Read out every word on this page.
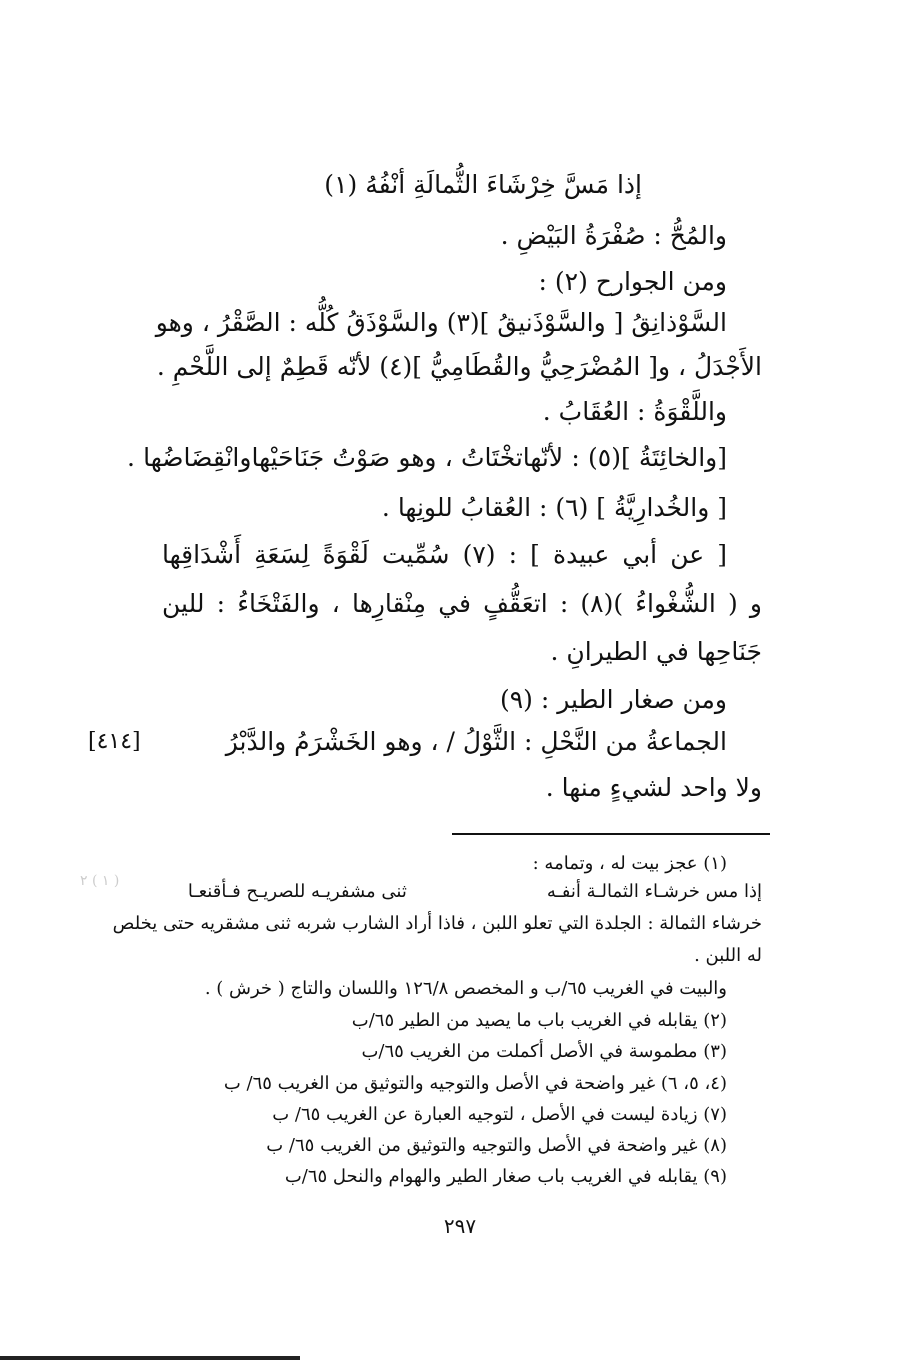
إذا مَسَّ خِرْشَاءَ الثُّمالَةِ أنْفُهُ (١)
والمُحُّ : صُفْرَةُ البَيْضِ .
ومن الجوارح (٢) :
السَّوْذانِقُ [ والسَّوْذَنيقُ ](٣) والسَّوْذَقُ كُلُّه : الصَّقْرُ ، وهو
الأَجْدَلُ ، و[ المُضْرَحِيُّ والقُطَامِيُّ ](٤) لأنّه قَطِمٌ إلى اللَّحْمِ .
واللَّقْوَةُ : العُقَابُ .
[والخائِتَةُ ](٥) : لأنّهاتخْتَاتُ ، وهو صَوْتُ جَنَاحَيْهاوانْقِضَاضُها .
[ والخُدارِيَّةُ ] (٦) : العُقابُ للونِها .
[ عن أبي عبيدة ] : (٧) سُمِّيت لَقْوَةً لِسَعَةِ أَشْدَاقِها
و ( الشُّغْواءُ )(٨) : اتعَقُّفٍ في مِنْقارِها ، والفَتْخَاءُ : للين
جَنَاحِها في الطيرانِ .
ومن صغار الطير : (٩)
الجماعةُ من النَّحْلِ : الثَّوْلُ / ، وهو الخَشْرَمُ والدَّبْرُ
ولا واحد لشيءٍ منها .
[٤١٤]
(١) عجز بيت له ، وتمامه :
إذا مس خرشـاء الثمالـة أنفـهثنى مشفريـه للصريـح فـأقنعـا
خرشاء الثمالة : الجلدة التي تعلو اللبن ، فاذا أراد الشارب شربه ثنى مشقريه حتى يخلص
له اللبن .
والبيت في الغريب ٦٥/ب و المخصص ١٢٦/٨ واللسان والتاج ( خرش ) .
(٢) يقابله في الغريب باب ما يصيد من الطير ٦٥/ب
(٣) مطموسة في الأصل أكملت من الغريب ٦٥/ب
(٤، ٥، ٦) غير واضحة في الأصل والتوجيه والتوثيق من الغريب ٦٥/ ب
(٧) زيادة ليست في الأصل ، لتوجيه العبارة عن الغريب ٦٥/ ب
(٨) غير واضحة في الأصل والتوجيه والتوثيق من الغريب ٦٥/ ب
(٩) يقابله في الغريب باب صغار الطير والهوام والنحل ٦٥/ب
( ١ ) ٢
٢٩٧
